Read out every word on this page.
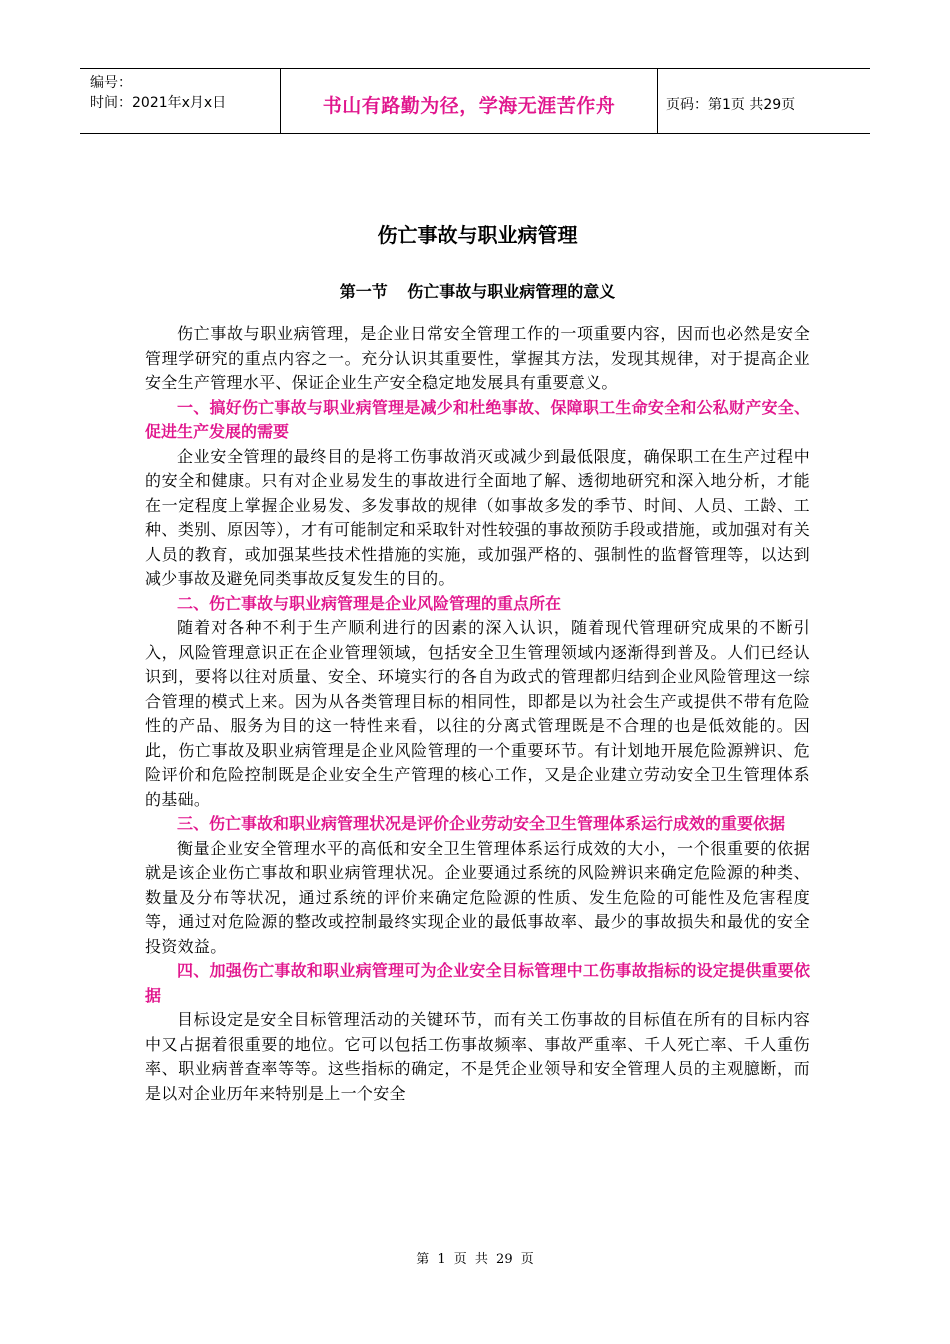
编号：
时间：2021年x月x日	书山有路勤为径，学海无涯苦作舟	页码：第1页 共29页
伤亡事故与职业病管理
第一节 伤亡事故与职业病管理的意义

伤亡事故与职业病管理，是企业日常安全管理工作的一项重要内容，因而也必然是安全管理学研究的重点内容之一。充分认识其重要性，掌握其方法，发现其规律，对于提高企业安全生产管理水平、保证企业生产安全稳定地发展具有重要意义。

一、搞好伤亡事故与职业病管理是减少和杜绝事故、保障职工生命安全和公私财产安全、促进生产发展的需要

企业安全管理的最终目的是将工伤事故消灭或减少到最低限度，确保职工在生产过程中的安全和健康。只有对企业易发生的事故进行全面地了解、透彻地研究和深入地分析，才能在一定程度上掌握企业易发、多发事故的规律（如事故多发的季节、时间、人员、工龄、工种、类别、原因等），才有可能制定和采取针对性较强的事故预防手段或措施，或加强对有关人员的教育，或加强某些技术性措施的实施，或加强严格的、强制性的监督管理等，以达到减少事故及避免同类事故反复发生的目的。

二、伤亡事故与职业病管理是企业风险管理的重点所在

随着对各种不利于生产顺利进行的因素的深入认识，随着现代管理研究成果的不断引入，风险管理意识正在企业管理领域，包括安全卫生管理领域内逐渐得到普及。人们已经认识到，要将以往对质量、安全、环境实行的各自为政式的管理都归结到企业风险管理这一综合管理的模式上来。因为从各类管理目标的相同性，即都是以为社会生产或提供不带有危险性的产品、服务为目的这一特性来看，以往的分离式管理既是不合理的也是低效能的。因此，伤亡事故及职业病管理是企业风险管理的一个重要环节。有计划地开展危险源辨识、危险评价和危险控制既是企业安全生产管理的核心工作，又是企业建立劳动安全卫生管理体系的基础。

三、伤亡事故和职业病管理状况是评价企业劳动安全卫生管理体系运行成效的重要依据

衡量企业安全管理水平的高低和安全卫生管理体系运行成效的大小，一个很重要的依据就是该企业伤亡事故和职业病管理状况。企业要通过系统的风险辨识来确定危险源的种类、数量及分布等状况，通过系统的评价来确定危险源的性质、发生危险的可能性及危害程度等，通过对危险源的整改或控制最终实现企业的最低事故率、最少的事故损失和最优的安全投资效益。

四、加强伤亡事故和职业病管理可为企业安全目标管理中工伤事故指标的设定提供重要依据

目标设定是安全目标管理活动的关键环节，而有关工伤事故的目标值在所有的目标内容中又占据着很重要的地位。它可以包括工伤事故频率、事故严重率、千人死亡率、千人重伤率、职业病普查率等等。这些指标的确定，不是凭企业领导和安全管理人员的主观臆断，而是以对企业历年来特别是上一个安全

第 1 页 共 29 页
